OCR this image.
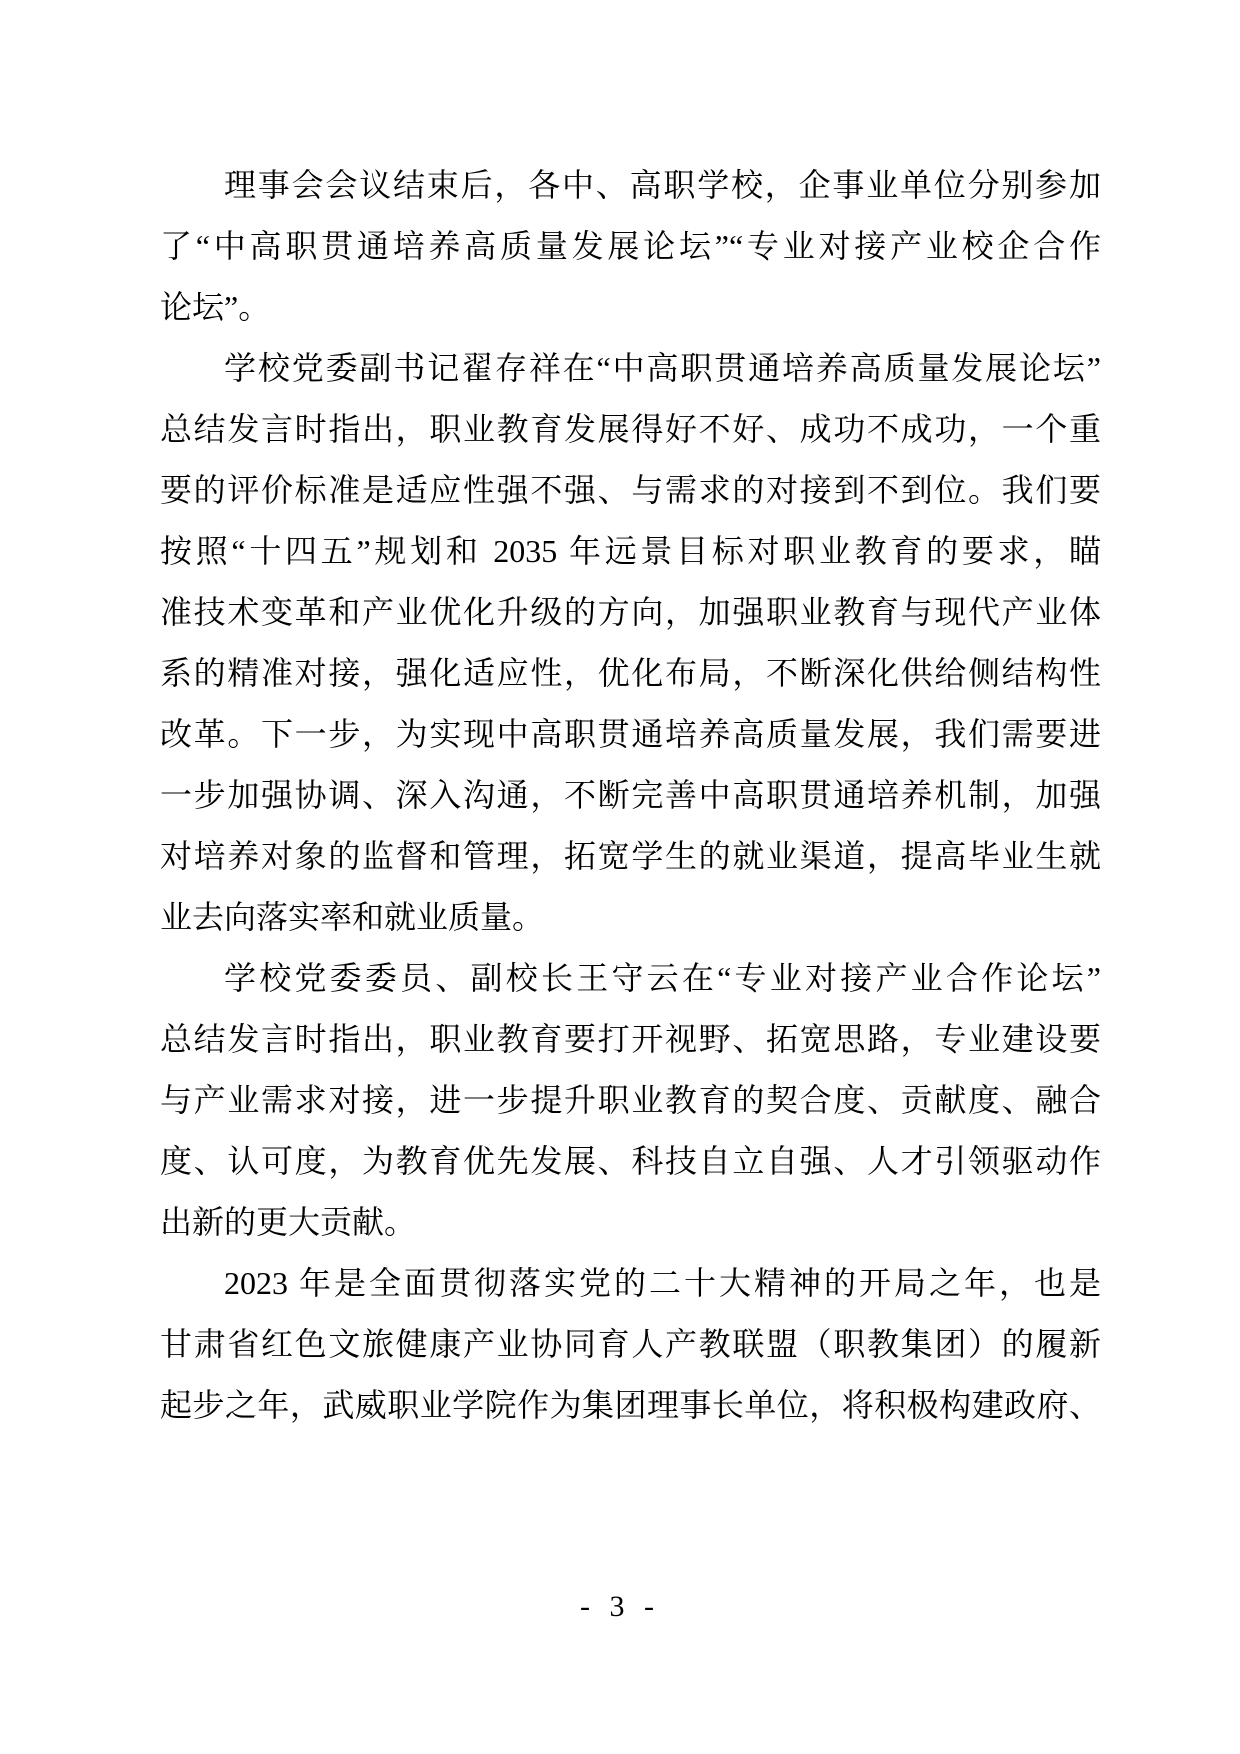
理事会会议结束后，各中、高职学校，企事业单位分别参加
了“中高职贯通培养高质量发展论坛”“专业对接产业校企合作
论坛”。

学校党委副书记翟存祥在“中高职贯通培养高质量发展论坛”
总结发言时指出，职业教育发展得好不好、成功不成功，一个重
要的评价标准是适应性强不强、与需求的对接到不到位。我们要
按照“十四五”规划和 2035 年远景目标对职业教育的要求，瞄
准技术变革和产业优化升级的方向，加强职业教育与现代产业体
系的精准对接，强化适应性，优化布局，不断深化供给侧结构性
改革。下一步，为实现中高职贯通培养高质量发展，我们需要进
一步加强协调、深入沟通，不断完善中高职贯通培养机制，加强
对培养对象的监督和管理，拓宽学生的就业渠道，提高毕业生就
业去向落实率和就业质量。

学校党委委员、副校长王守云在“专业对接产业合作论坛”
总结发言时指出，职业教育要打开视野、拓宽思路，专业建设要
与产业需求对接，进一步提升职业教育的契合度、贡献度、融合
度、认可度，为教育优先发展、科技自立自强、人才引领驱动作
出新的更大贡献。

2023 年是全面贯彻落实党的二十大精神的开局之年，也是
甘肃省红色文旅健康产业协同育人产教联盟（职教集团）的履新
起步之年，武威职业学院作为集团理事长单位，将积极构建政府、

- 3 -
